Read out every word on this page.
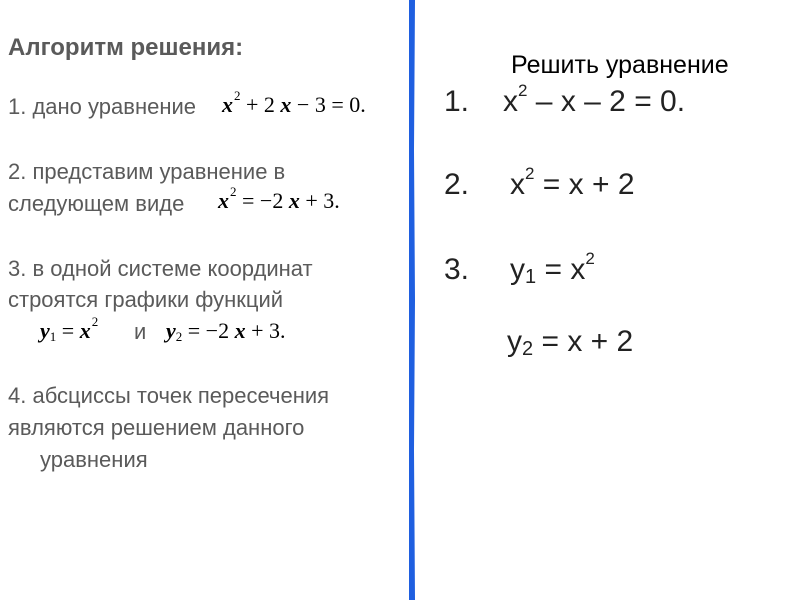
Алгоритм решения:
1. дано уравнение $x^2 + 2$ x − 3 = 0.
2. представим уравнение в
следующем виде $x^2 = -2$ x + 3.
3. в одной системе координат
строятся графики функций
$y_1 = x^2$ и $y_2 = -2$ x + 3.
4. абсциссы точек пересечения
являются решением данного
уравнения
Решить уравнение
1. $x^2 - x - 2 = 0$.
2. $x^2 = x + 2$
3. $y_1 = x^2$
$y_2 = x + 2$
